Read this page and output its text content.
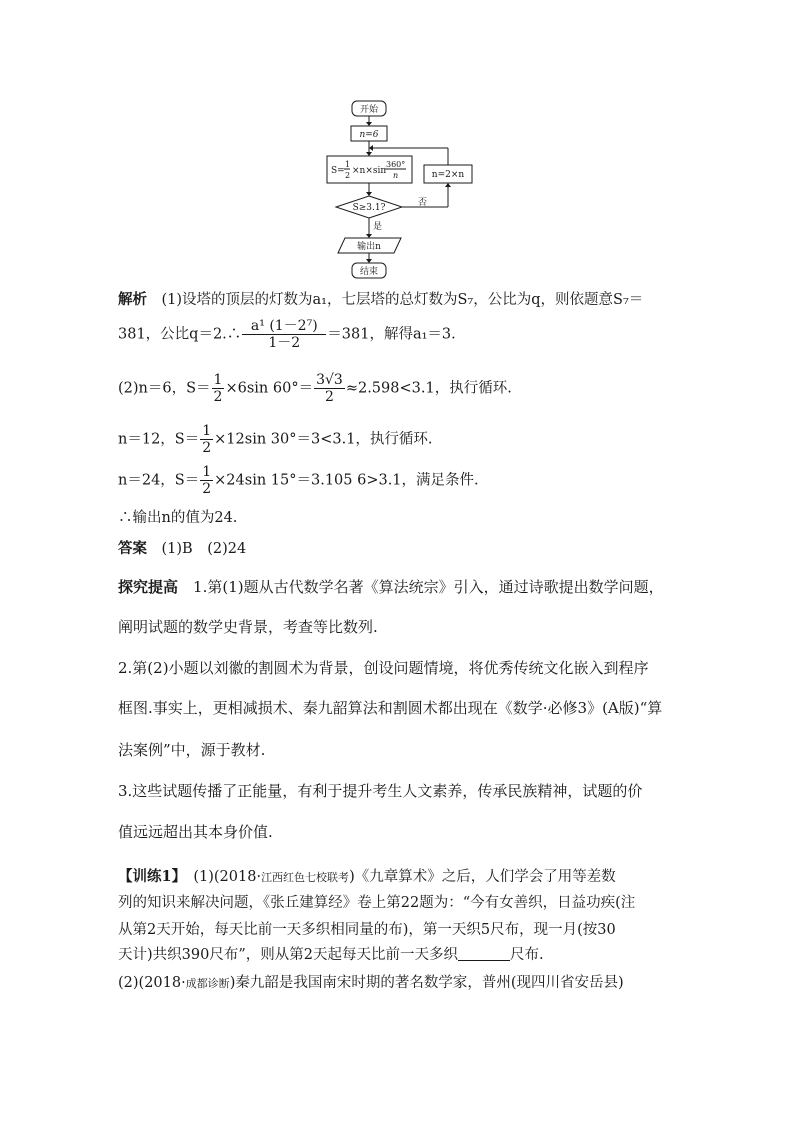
开始
n=6
S=
1
2 ×n×sin
360°
n
S≥3.1?	否
n=2×n
是
输出n
结束
解析　 (1)设塔的顶层的灯数为a₁，七层塔的总灯数为S₇，公比为q，则依题意S₇＝
381，公比q＝2.∴ $\frac{\text{a¹ (1－2⁷)}}{1-2} =381$，解得a₁＝3.
(2)n＝6，$S= \frac{1}{2} \times 6\sin$ $60^\circ= \frac{3√3}{2} \approx 2.598<3.1$，执行循环.
n＝12，$S= \frac{1}{2} \times 12\sin$ 30°＝3<3.1，执行循环.
n＝24，$S= \frac{1}{2} \times 24\sin$ 15°＝3.105 6>3.1，满足条件.
∴输出n的值为24.
答案　 (1)B　(2)24
探究提高　 1.第(1)题从古代数学名著《算法统宗》引入，通过诗歌提出数学问题，
阐明试题的数学史背景，考查等比数列.
2.第(2)小题以刘徽的割圆术为背景，创设问题情境，将优秀传统文化嵌入到程序
框图.事实上，更相减损术、秦九韶算法和割圆术都出现在《数学·必修3》(A版)“算
法案例”中，源于教材.
3.这些试题传播了正能量，有利于提升考生人文素养，传承民族精神，试题的价
值远远超出其本身价值.
【训练1】　 (1)(2018·江西红色七校联考)《九章算术》之后，人们学会了用等差数
列的知识来解决问题，《张丘建算经》卷上第22题为：“今有女善织，日益功疾(注
从第2天开始，每天比前一天多织相同量的布)，第一天织5尺布，现一月(按30
天计)共织390尺布”，则从第2天起每天比前一天多织	尺布.
(2)(2018·成都诊断)秦九韶是我国南宋时期的著名数学家，普州(现四川省安岳县)
